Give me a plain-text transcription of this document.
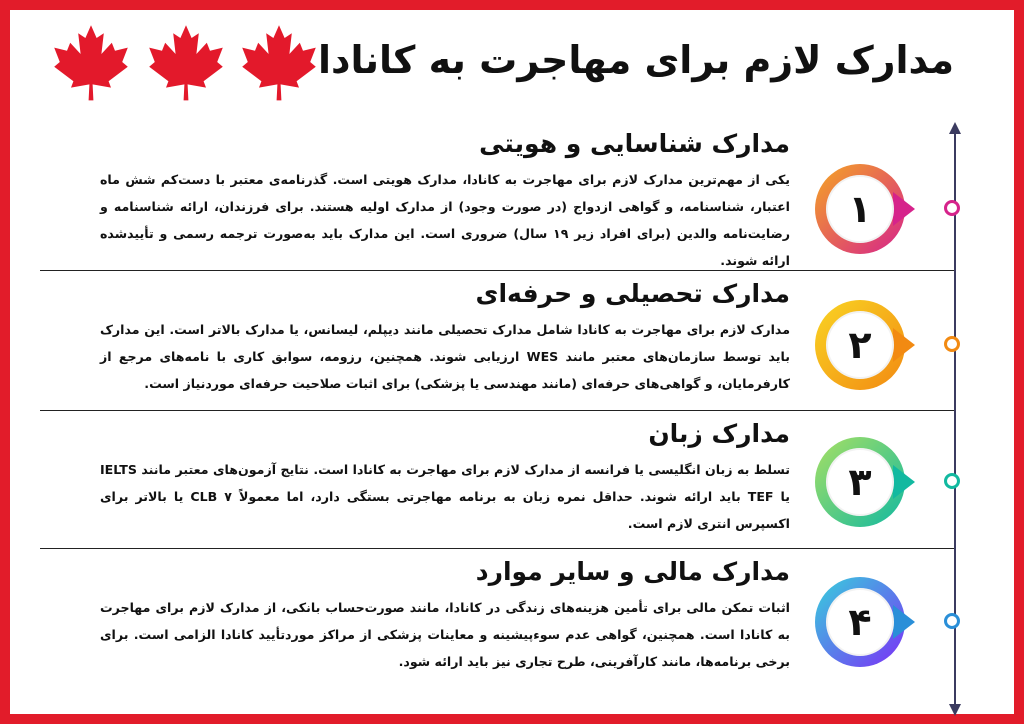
مدارک لازم برای مهاجرت به کانادا
مدارک شناسایی و هویتی
یکی از مهم‌ترین مدارک لازم برای مهاجرت به کانادا، مدارک هویتی است. گذرنامه‌ی معتبر با دست‌کم شش ماه اعتبار، شناسنامه، و گواهی ازدواج (در صورت وجود) از مدارک اولیه هستند. برای فرزندان، ارائه شناسنامه و رضایت‌نامه والدین (برای افراد زیر ۱۹ سال) ضروری است. این مدارک باید به‌صورت ترجمه رسمی و تأییدشده ارائه شوند.
۱
مدارک تحصیلی و حرفه‌ای
مدارک لازم برای مهاجرت به کانادا شامل مدارک تحصیلی مانند دیپلم، لیسانس، یا مدارک بالاتر است. این مدارک باید توسط سازمان‌های معتبر مانند WES ارزیابی شوند. همچنین، رزومه، سوابق کاری با نامه‌های مرجع از کارفرمایان، و گواهی‌های حرفه‌ای (مانند مهندسی یا پزشکی) برای اثبات صلاحیت حرفه‌ای موردنیاز است.
۲
مدارک زبان
تسلط به زبان انگلیسی یا فرانسه از مدارک لازم برای مهاجرت به کانادا است. نتایج آزمون‌های معتبر مانند IELTS یا TEF باید ارائه شوند. حداقل نمره زبان به برنامه مهاجرتی بستگی دارد، اما معمولاً CLB ۷ یا بالاتر برای اکسپرس انتری لازم است.
۳
مدارک مالی و سایر موارد
اثبات تمکن مالی برای تأمین هزینه‌های زندگی در کانادا، مانند صورت‌حساب بانکی، از مدارک لازم برای مهاجرت به کانادا است. همچنین، گواهی عدم سوءپیشینه و معاینات پزشکی از مراکز موردتأیید کانادا الزامی است. برای برخی برنامه‌ها، مانند کارآفرینی، طرح تجاری نیز باید ارائه شود.
۴
